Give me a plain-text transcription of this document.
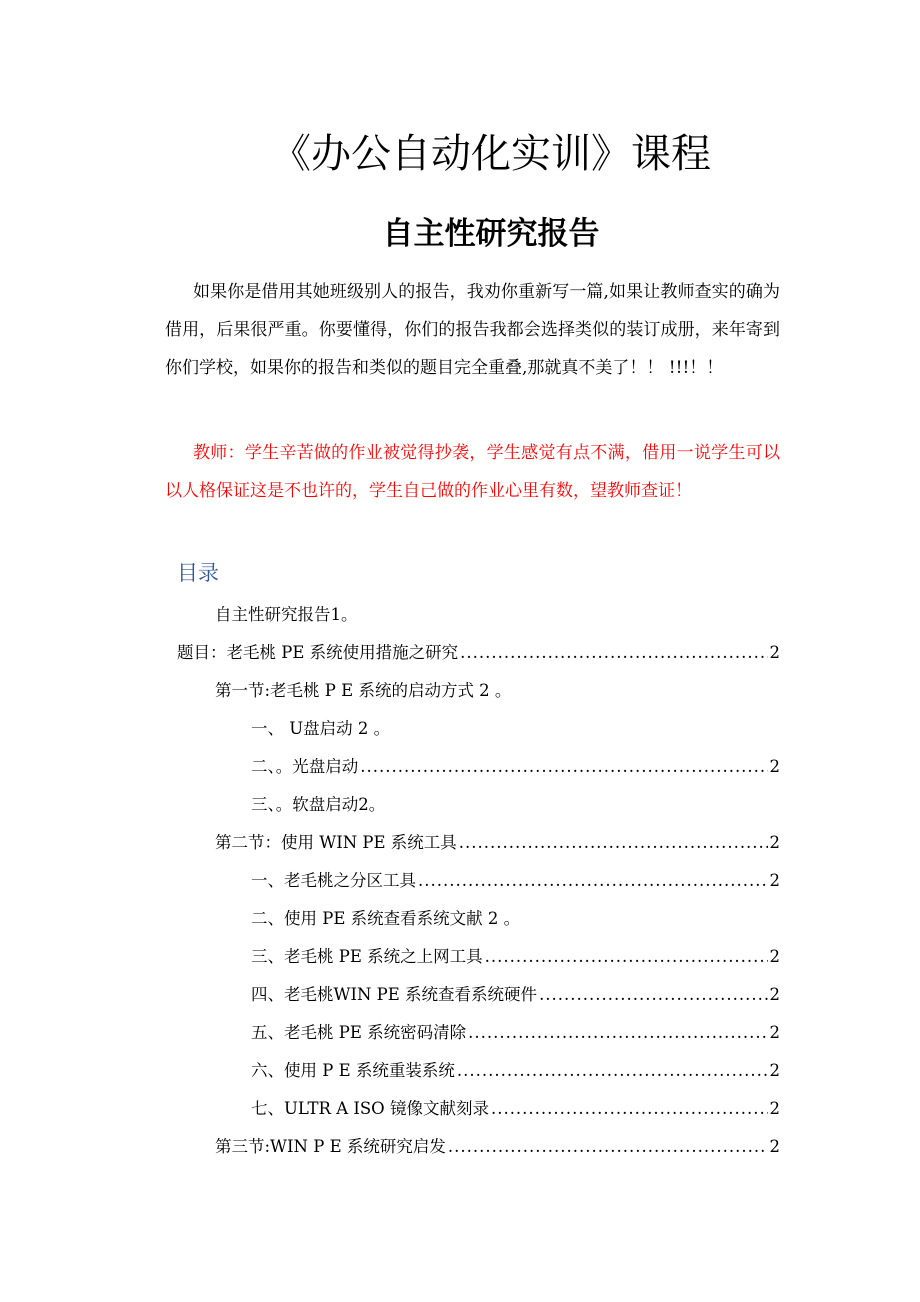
《办公自动化实训》课程
自主性研究报告
如果你是借用其她班级别人的报告，我劝你重新写一篇,如果让教师查实的确为借用，后果很严重。你要懂得，你们的报告我都会选择类似的装订成册，来年寄到你们学校，如果你的报告和类似的题目完全重叠,那就真不美了！！ !!!！！
教师：学生辛苦做的作业被觉得抄袭，学生感觉有点不满，借用一说学生可以以人格保证这是不也许的，学生自己做的作业心里有数，望教师查证！
目录
自主性研究报告1。
题目：老毛桃 PE 系统使用措施之研究 .....	2
第一节:老毛桃 P E 系统的启动方式 2 。
一、 U盘启动 2 。
二、。光盘启动 .....	2
三、。软盘启动2。
第二节：使用 WIN PE 系统工具 .....	2
一、老毛桃之分区工具 .....	2
二、使用 PE 系统查看系统文献 2 。
三、老毛桃 PE 系统之上网工具 .....	2
四、老毛桃WIN PE 系统查看系统硬件 .....	2
五、老毛桃 PE 系统密码清除 .....	2
六、使用 P E 系统重装系统 .....	2
七、ULTR A ISO 镜像文献刻录 .....	2
第三节:WIN P E 系统研究启发 .....	2
